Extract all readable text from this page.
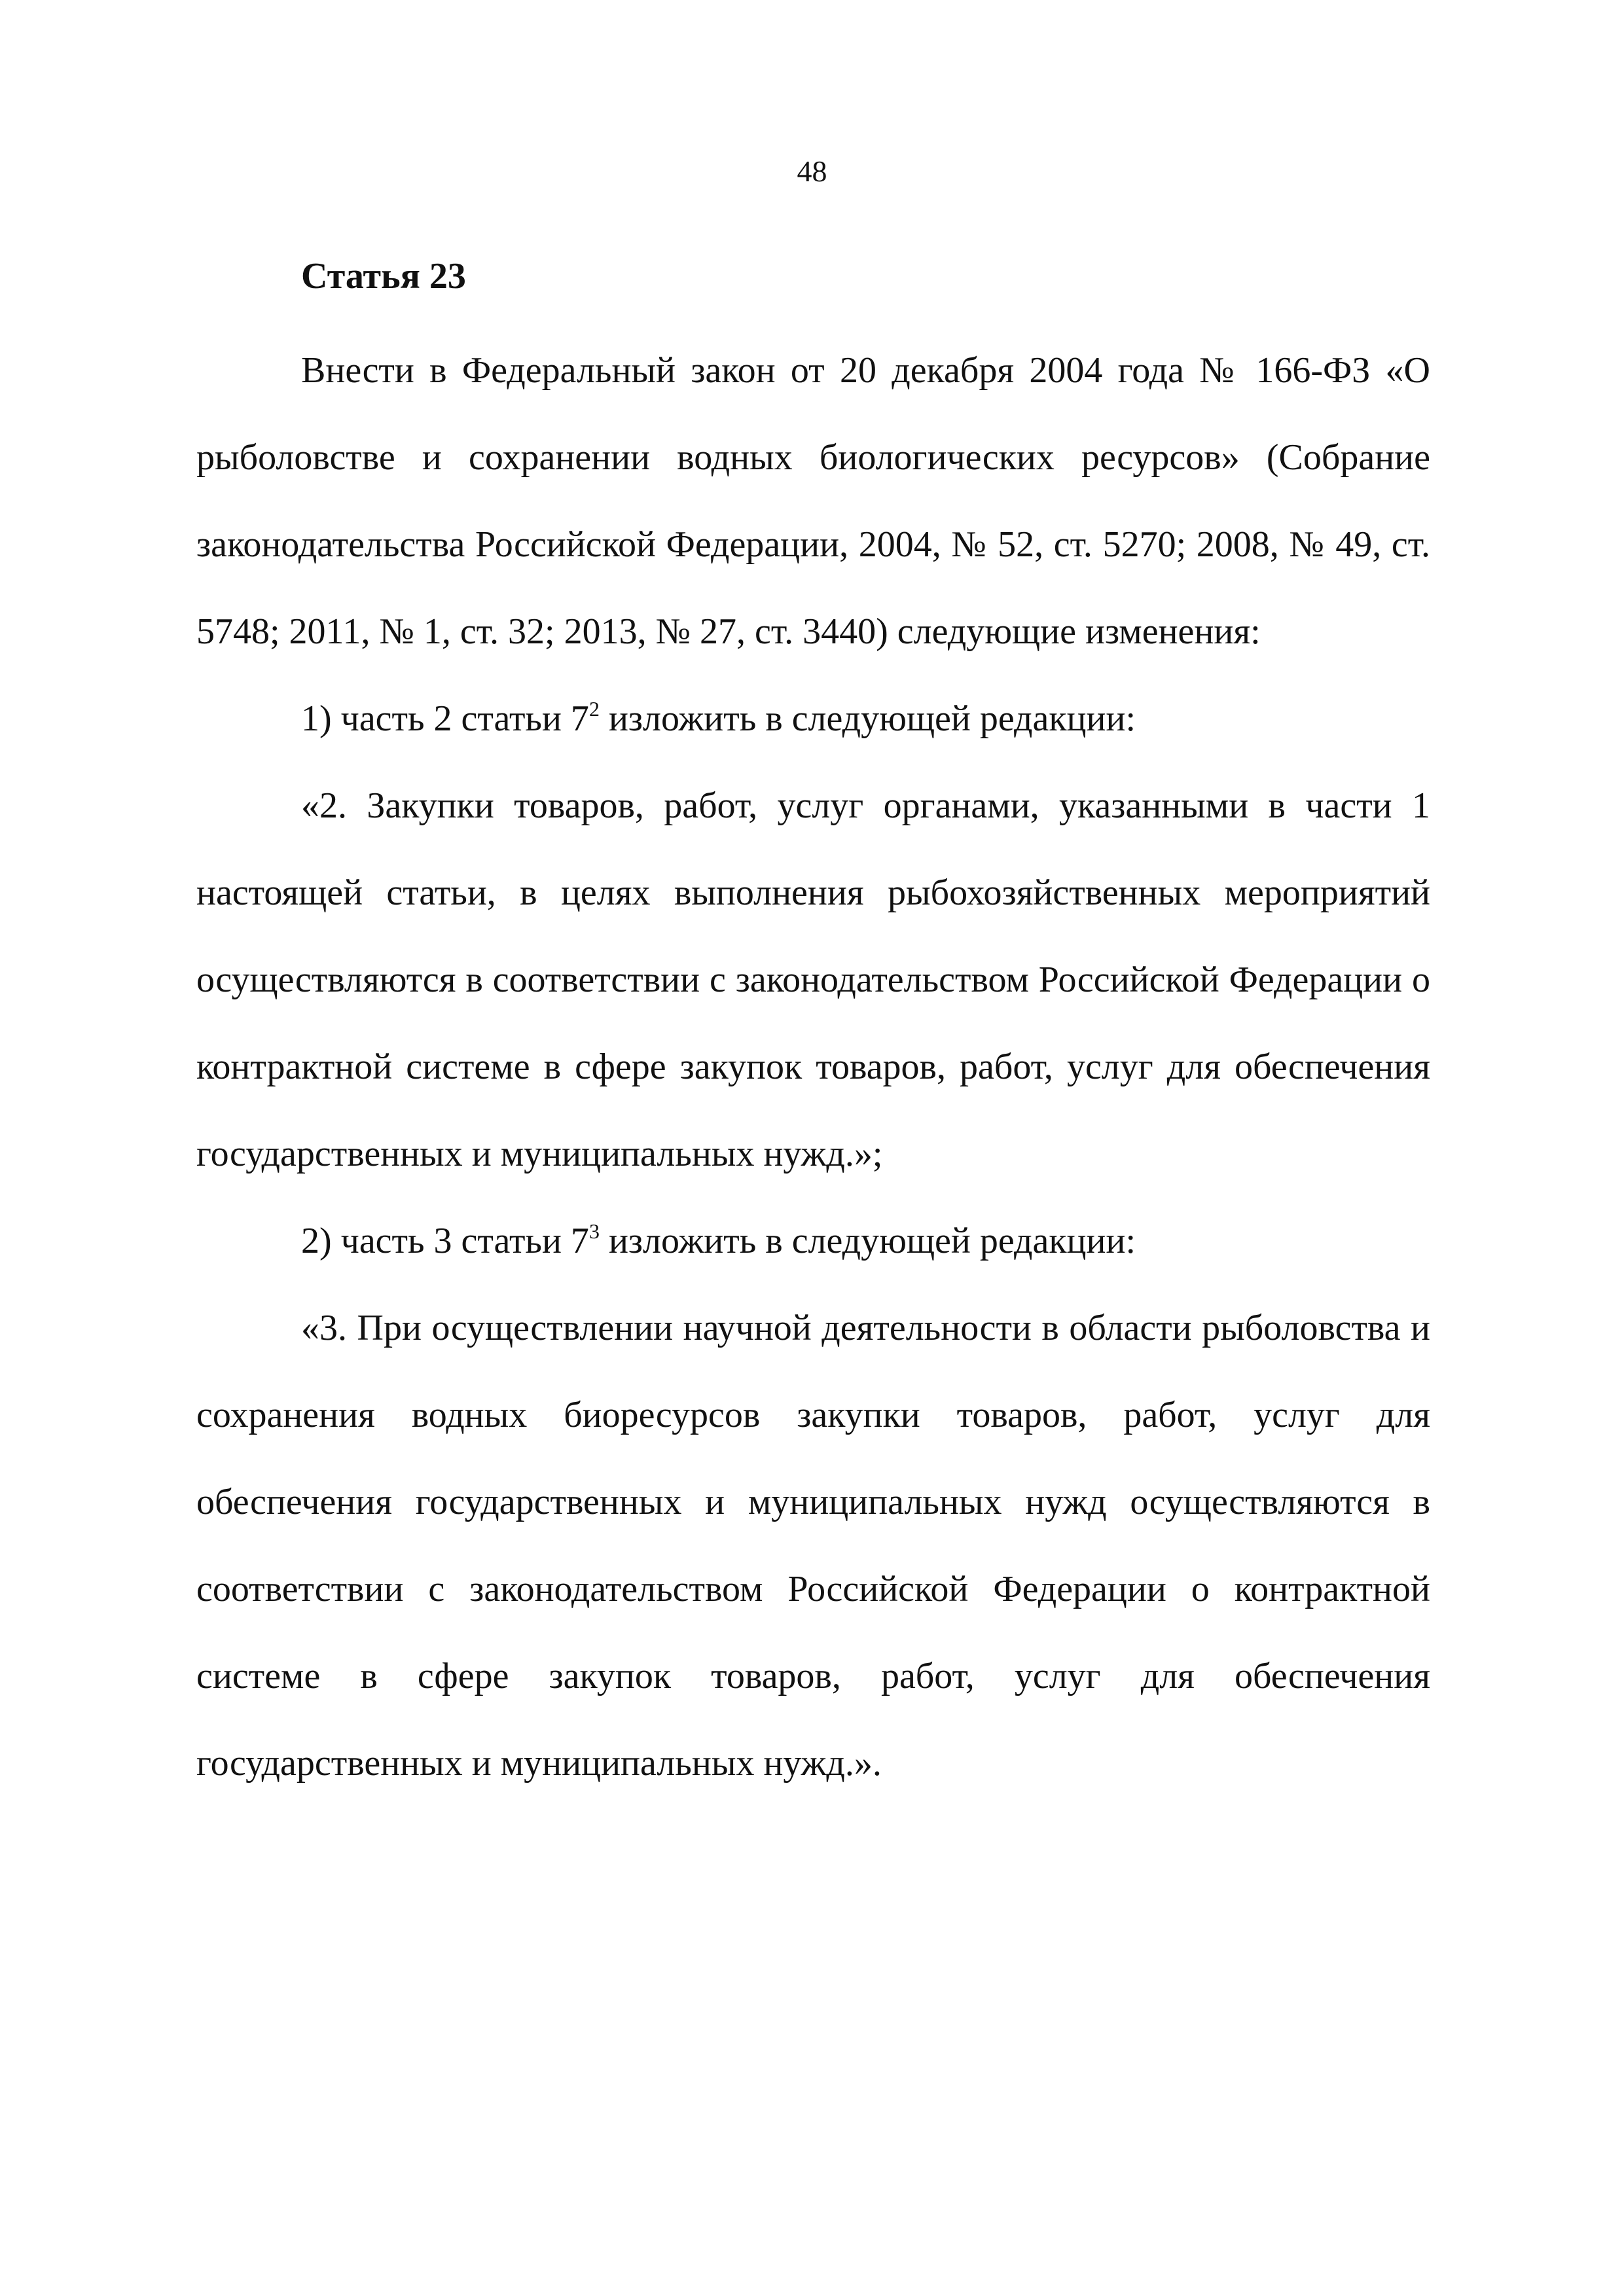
48
Статья 23

Внести в Федеральный закон от 20 декабря 2004 года № 166-ФЗ «О рыболовстве и сохранении водных биологических ресурсов» (Собрание законодательства Российской Федерации, 2004, № 52, ст. 5270; 2008, № 49, ст. 5748; 2011, № 1, ст. 32; 2013, № 27, ст. 3440) следующие изменения:

1) часть 2 статьи $7^2$ изложить в следующей редакции:

«2. Закупки товаров, работ, услуг органами, указанными в части 1 настоящей статьи, в целях выполнения рыбохозяйственных мероприятий осуществляются в соответствии с законодательством Российской Федерации о контрактной системе в сфере закупок товаров, работ, услуг для обеспечения государственных и муниципальных нужд.»;

2) часть 3 статьи $7^3$ изложить в следующей редакции:

«3. При осуществлении научной деятельности в области рыболовства и сохранения водных биоресурсов закупки товаров, работ, услуг для обеспечения государственных и муниципальных нужд осуществляются в соответствии с законодательством Российской Федерации о контрактной системе в сфере закупок товаров, работ, услуг для обеспечения государственных и муниципальных нужд.».
